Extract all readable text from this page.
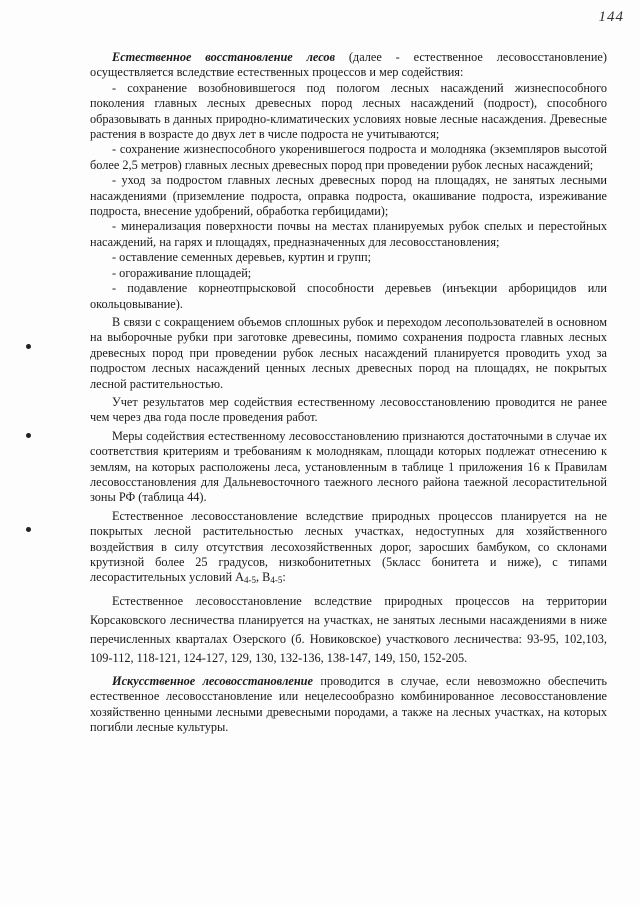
144

Естественное восстановление лесов (далее - естественное лесовосстановление) осуществляется вследствие естественных процессов и мер содействия:

- сохранение возобновившегося под пологом лесных насаждений жизнеспособного поколения главных лесных древесных пород лесных насаждений (подрост), способного образовывать в данных природно-климатических условиях новые лесные насаждения. Древесные растения в возрасте до двух лет в числе подроста не учитываются;

- сохранение жизнеспособного укоренившегося подроста и молодняка (экземпляров высотой более 2,5 метров) главных лесных древесных пород при проведении рубок лесных насаждений;

- уход за подростом главных лесных древесных пород на площадях, не занятых лесными насаждениями (приземление подроста, оправка подроста, окашивание подроста, изреживание подроста, внесение удобрений, обработка гербицидами);

- минерализация поверхности почвы на местах планируемых рубок спелых и перестойных насаждений, на гарях и площадях, предназначенных для лесовосстановления;

- оставление семенных деревьев, куртин и групп;

- огораживание площадей;

- подавление корнеотпрысковой способности деревьев (инъекции арборицидов или окольцовывание).

В связи с сокращением объемов сплошных рубок и переходом лесопользователей в основном на выборочные рубки при заготовке древесины, помимо сохранения подроста главных лесных древесных пород при проведении рубок лесных насаждений планируется проводить уход за подростом лесных насаждений ценных лесных древесных пород на площадях, не покрытых лесной растительностью.

Учет результатов мер содействия естественному лесовосстановлению проводится не ранее чем через два года после проведения работ.

Меры содействия естественному лесовосстановлению признаются достаточными в случае их соответствия критериям и требованиям к молоднякам, площади которых подлежат отнесению к землям, на которых расположены леса, установленным в таблице 1 приложения 16 к Правилам лесовосстановления для Дальневосточного таежного лесного района таежной лесорастительной зоны РФ (таблица 44).

Естественное лесовосстановление вследствие природных процессов планируется на не покрытых лесной растительностью лесных участках, недоступных для хозяйственного воздействия в силу отсутствия лесохозяйственных дорог, заросших бамбуком, со склонами крутизной более 25 градусов, низкобонитетных (5класс бонитета и ниже), с типами лесорастительных условий $А_{4-5}$, $В_{4-5}$:

Естественное лесовосстановление вследствие природных процессов на территории Корсаковского лесничества планируется на участках, не занятых лесными насаждениями в ниже перечисленных кварталах Озерского (б. Новиковское) участкового лесничества: 93-95, 102,103, 109-112, 118-121, 124-127, 129, 130, 132-136, 138-147, 149, 150, 152-205.

Искусственное лесовосстановление проводится в случае, если невозможно обеспечить естественное лесовосстановление или нецелесообразно комбинированное лесовосстановление хозяйственно ценными лесными древесными породами, а также на лесных участках, на которых погибли лесные культуры.
